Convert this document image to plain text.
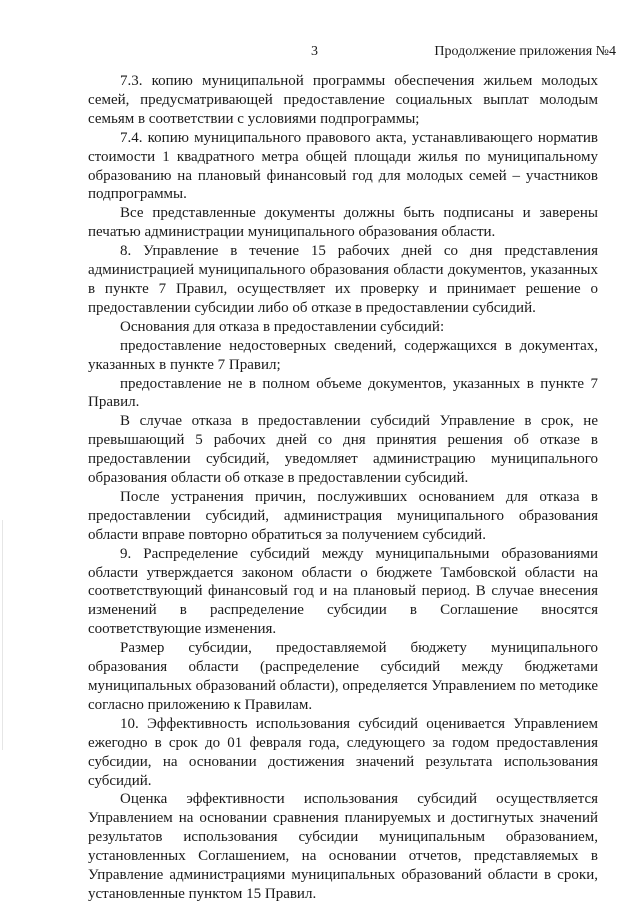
3	Продолжение приложения №4

7.3. копию муниципальной программы обеспечения жильем молодых семей, предусматривающей предоставление социальных выплат молодым семьям в соответствии с условиями подпрограммы;

7.4. копию муниципального правового акта, устанавливающего норматив стоимости 1 квадратного метра общей площади жилья по муниципальному образованию на плановый финансовый год для молодых семей – участников подпрограммы.

Все представленные документы должны быть подписаны и заверены печатью администрации муниципального образования области.

8. Управление в течение 15 рабочих дней со дня представления администрацией муниципального образования области документов, указанных в пункте 7 Правил, осуществляет их проверку и принимает решение о предоставлении субсидии либо об отказе в предоставлении субсидий.

Основания для отказа в предоставлении субсидий:

предоставление недостоверных сведений, содержащихся в документах, указанных в пункте 7 Правил;

предоставление не в полном объеме документов, указанных в пункте 7 Правил.

В случае отказа в предоставлении субсидий Управление в срок, не превышающий 5 рабочих дней со дня принятия решения об отказе в предоставлении субсидий, уведомляет администрацию муниципального образования области об отказе в предоставлении субсидий.

После устранения причин, послуживших основанием для отказа в предоставлении субсидий, администрация муниципального образования области вправе повторно обратиться за получением субсидий.

9. Распределение субсидий между муниципальными образованиями области утверждается законом области о бюджете Тамбовской области на соответствующий финансовый год и на плановый период. В случае внесения изменений в распределение субсидии в Соглашение вносятся соответствующие изменения.

Размер субсидии, предоставляемой бюджету муниципального образования области (распределение субсидий между бюджетами муниципальных образований области), определяется Управлением по методике согласно приложению к Правилам.

10. Эффективность использования субсидий оценивается Управлением ежегодно в срок до 01 февраля года, следующего за годом предоставления субсидии, на основании достижения значений результата использования субсидий.

Оценка эффективности использования субсидий осуществляется Управлением на основании сравнения планируемых и достигнутых значений результатов использования субсидии муниципальным образованием, установленных Соглашением, на основании отчетов, представляемых в Управление администрациями муниципальных образований области в сроки, установленные пунктом 15 Правил.
